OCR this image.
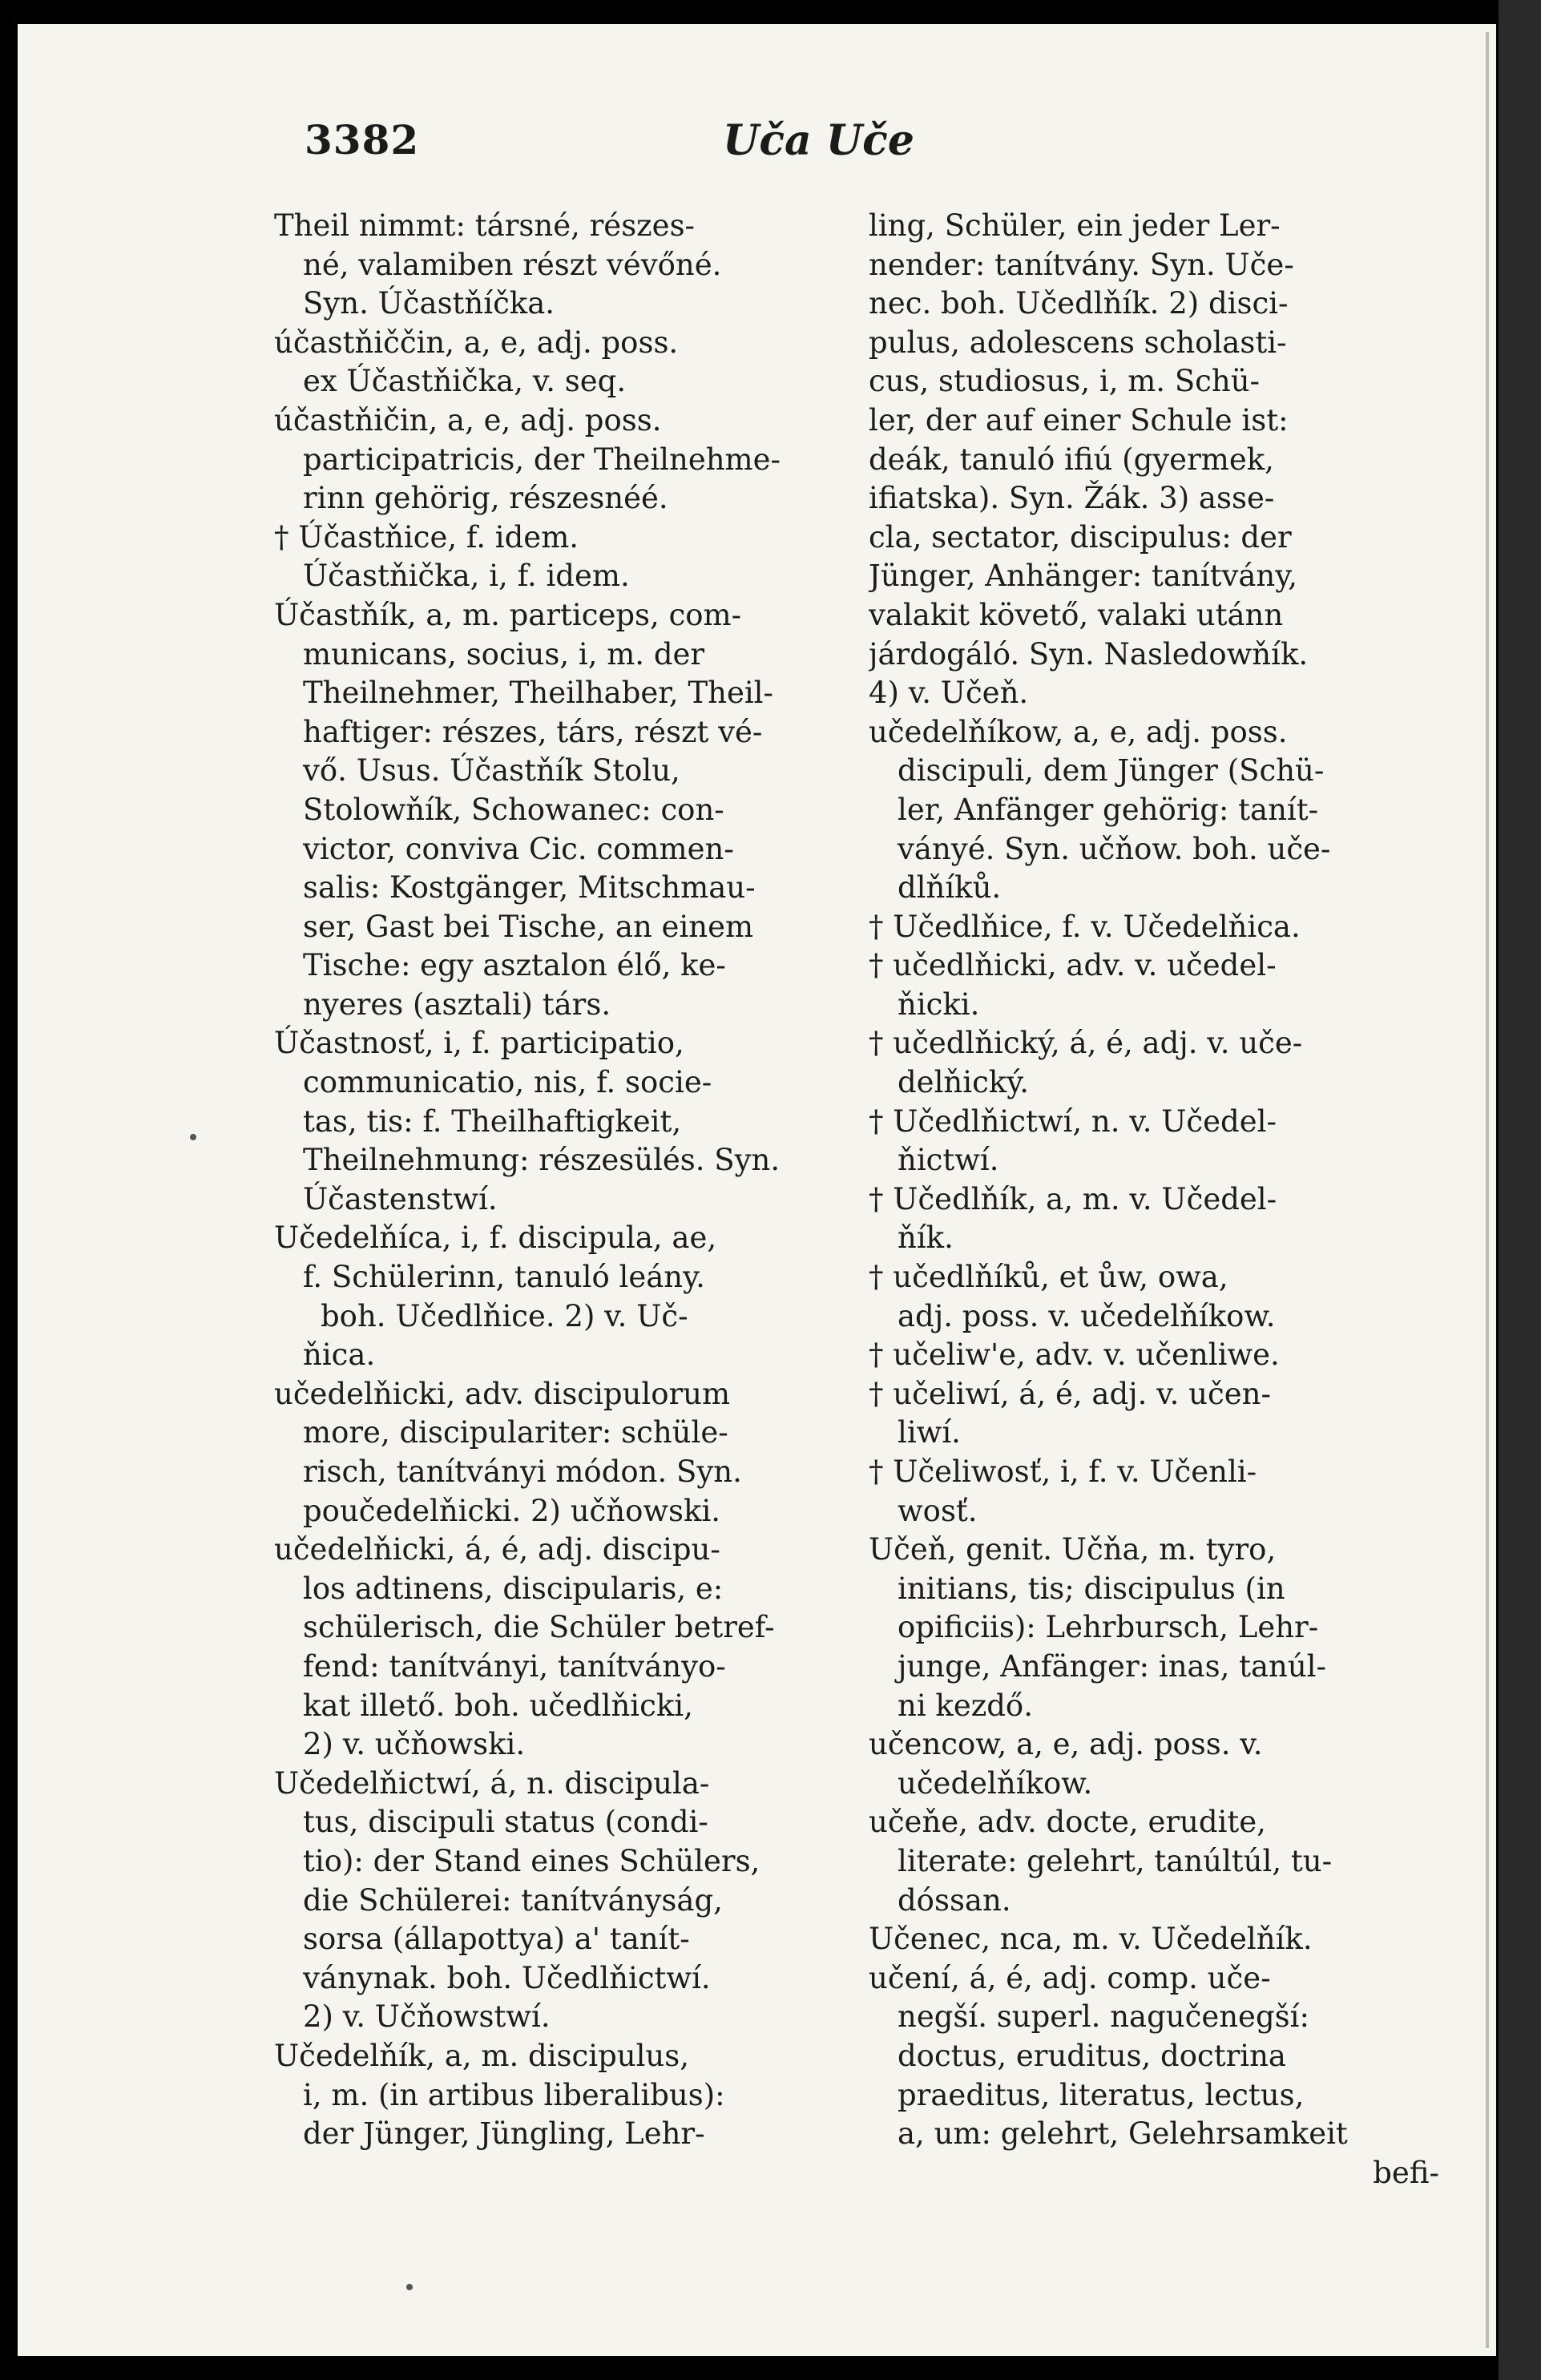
3382	Uča Uče
Theil nimmt: társné, részes-
né, valamiben részt vévőné.
Syn. Účastňíčka.
účastňiččin, a, e, adj. poss.
ex Účastňička, v. seq.
účastňičin, a, e, adj. poss.
participatricis, der Theilnehme-
rinn gehörig, részesnéé.
† Účastňice, f. idem.
Účastňička, i, f. idem.
Účastňík, a, m. particeps, com-
municans, socius, i, m. der
Theilnehmer, Theilhaber, Theil-
haftiger: részes, társ, részt vé-
vő. Usus. Účastňík Stolu,
Stolowňík, Schowanec: con-
victor, conviva Cic. commen-
salis: Kostgänger, Mitschmau-
ser, Gast bei Tische, an einem
Tische: egy asztalon élő, ke-
nyeres (asztali) társ.
Účastnosť, i, f. participatio,
communicatio, nis, f. socie-
tas, tis: f. Theilhaftigkeit,
Theilnehmung: részesülés. Syn.
Účastenstwí.
Učedelňíca, i, f. discipula, ae,
f. Schülerinn, tanuló leány.
boh. Učedlňice. 2) v. Uč-
ňica.
učedelňicki, adv. discipulorum
more, discipulariter: schüle-
risch, tanítványi módon. Syn.
poučedelňicki. 2) učňowski.
učedelňicki, á, é, adj. discipu-
los adtinens, discipularis, e:
schülerisch, die Schüler betref-
fend: tanítványi, tanítványo-
kat illető. boh. učedlňicki,
2) v. učňowski.
Učedelňictwí, á, n. discipula-
tus, discipuli status (condi-
tio): der Stand eines Schülers,
die Schülerei: tanítványság,
sorsa (állapottya) a' tanít-
ványnak. boh. Učedlňictwí.
2) v. Učňowstwí.
Učedelňík, a, m. discipulus,
i, m. (in artibus liberalibus):
der Jünger, Jüngling, Lehr-
ling, Schüler, ein jeder Ler-
nender: tanítvány. Syn. Uče-
nec. boh. Učedlňík. 2) disci-
pulus, adolescens scholasti-
cus, studiosus, i, m. Schü-
ler, der auf einer Schule ist:
deák, tanuló ifiú (gyermek,
ifiatska). Syn. Žák. 3) asse-
cla, sectator, discipulus: der
Jünger, Anhänger: tanítvány,
valakit követő, valaki utánn
járdogáló. Syn. Nasledowňík.
4) v. Učeň.
učedelňíkow, a, e, adj. poss.
discipuli, dem Jünger (Schü-
ler, Anfänger gehörig: tanít-
ványé. Syn. učňow. boh. uče-
dlňíků.
† Učedlňice, f. v. Učedelňica.
† učedlňicki, adv. v. učedel-
ňicki.
† učedlňický, á, é, adj. v. uče-
delňický.
† Učedlňictwí, n. v. Učedel-
ňictwí.
† Učedlňík, a, m. v. Učedel-
ňík.
† učedlňíků, et ůw, owa,
adj. poss. v. učedelňíkow.
† učeliw'e, adv. v. učenliwe.
† učeliwí, á, é, adj. v. učen-
liwí.
† Učeliwosť, i, f. v. Učenli-
wosť.
Učeň, genit. Učňa, m. tyro,
initians, tis; discipulus (in
opificiis): Lehrbursch, Lehr-
junge, Anfänger: inas, tanúl-
ni kezdő.
učencow, a, e, adj. poss. v.
učedelňíkow.
učeňe, adv. docte, erudite,
literate: gelehrt, tanúltúl, tu-
dóssan.
Učenec, nca, m. v. Učedelňík.
učení, á, é, adj. comp. uče-
negší. superl. nagučenegší:
doctus, eruditus, doctrina
praeditus, literatus, lectus,
a, um: gelehrt, Gelehrsamkeit
befi-
